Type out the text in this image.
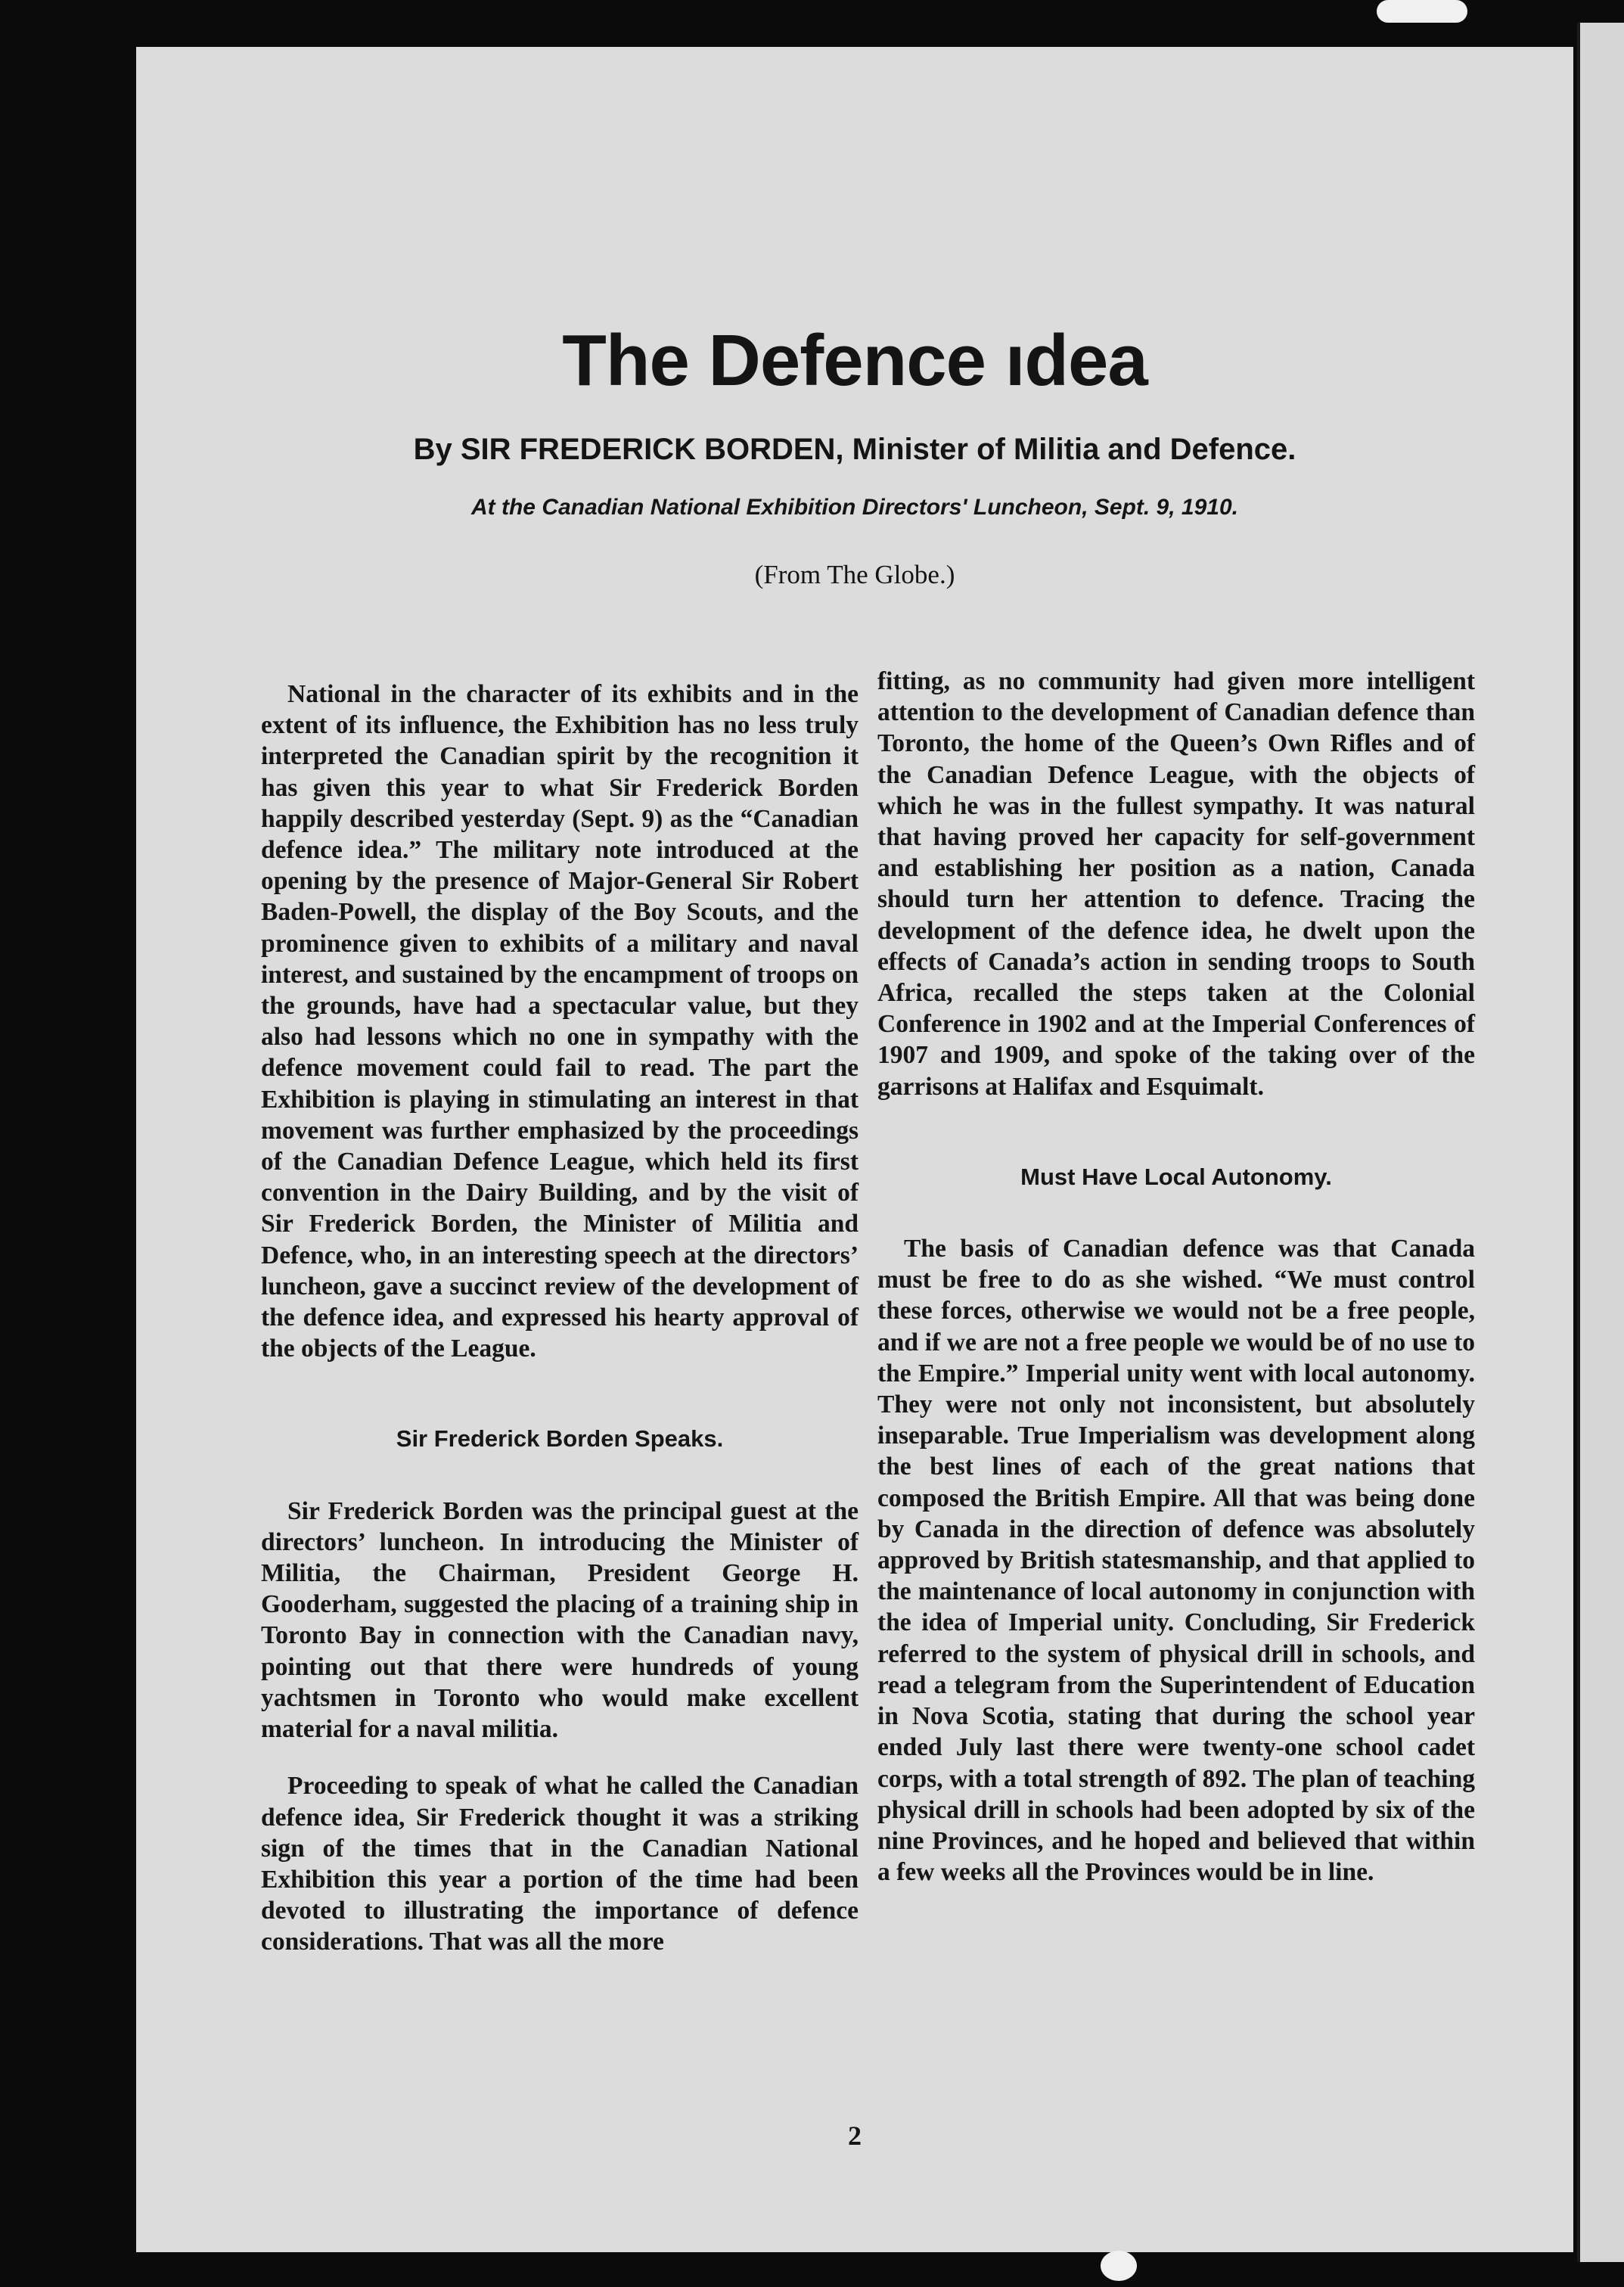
The Defence ıdea
By SIR FREDERICK BORDEN, Minister of Militia and Defence.
At the Canadian National Exhibition Directors' Luncheon, Sept. 9, 1910.
(From The Globe.)

National in the character of its exhibits and in the extent of its influence, the Exhibition has no less truly interpreted the Canadian spirit by the recognition it has given this year to what Sir Frederick Borden happily described yesterday (Sept. 9) as the “Canadian defence idea.” The military note introduced at the opening by the presence of Major-General Sir Robert Baden-Powell, the display of the Boy Scouts, and the prominence given to exhibits of a military and naval interest, and sustained by the encampment of troops on the grounds, have had a spectacular value, but they also had lessons which no one in sympathy with the defence movement could fail to read. The part the Exhibition is playing in stimulating an interest in that movement was further emphasized by the proceedings of the Canadian Defence League, which held its first convention in the Dairy Building, and by the visit of Sir Frederick Borden, the Minister of Militia and Defence, who, in an interesting speech at the directors’ luncheon, gave a succinct review of the development of the defence idea, and expressed his hearty approval of the objects of the League.

Sir Frederick Borden Speaks.

Sir Frederick Borden was the principal guest at the directors’ luncheon. In introducing the Minister of Militia, the Chairman, President George H. Gooderham, suggested the placing of a training ship in Toronto Bay in connection with the Canadian navy, pointing out that there were hundreds of young yachtsmen in Toronto who would make excellent material for a naval militia.

Proceeding to speak of what he called the Canadian defence idea, Sir Frederick thought it was a striking sign of the times that in the Canadian National Exhibition this year a portion of the time had been devoted to illustrating the importance of defence considerations. That was all the more

fitting, as no community had given more intelligent attention to the development of Canadian defence than Toronto, the home of the Queen’s Own Rifles and of the Canadian Defence League, with the objects of which he was in the fullest sympathy. It was natural that having proved her capacity for self-government and establishing her position as a nation, Canada should turn her attention to defence. Tracing the development of the defence idea, he dwelt upon the effects of Canada’s action in sending troops to South Africa, recalled the steps taken at the Colonial Conference in 1902 and at the Imperial Conferences of 1907 and 1909, and spoke of the taking over of the garrisons at Halifax and Esquimalt.

Must Have Local Autonomy.

The basis of Canadian defence was that Canada must be free to do as she wished. “We must control these forces, otherwise we would not be a free people, and if we are not a free people we would be of no use to the Empire.” Imperial unity went with local autonomy. They were not only not inconsistent, but absolutely inseparable. True Imperialism was development along the best lines of each of the great nations that composed the British Empire. All that was being done by Canada in the direction of defence was absolutely approved by British statesmanship, and that applied to the maintenance of local autonomy in conjunction with the idea of Imperial unity. Concluding, Sir Frederick referred to the system of physical drill in schools, and read a telegram from the Superintendent of Education in Nova Scotia, stating that during the school year ended July last there were twenty-one school cadet corps, with a total strength of 892. The plan of teaching physical drill in schools had been adopted by six of the nine Provinces, and he hoped and believed that within a few weeks all the Provinces would be in line.

2
